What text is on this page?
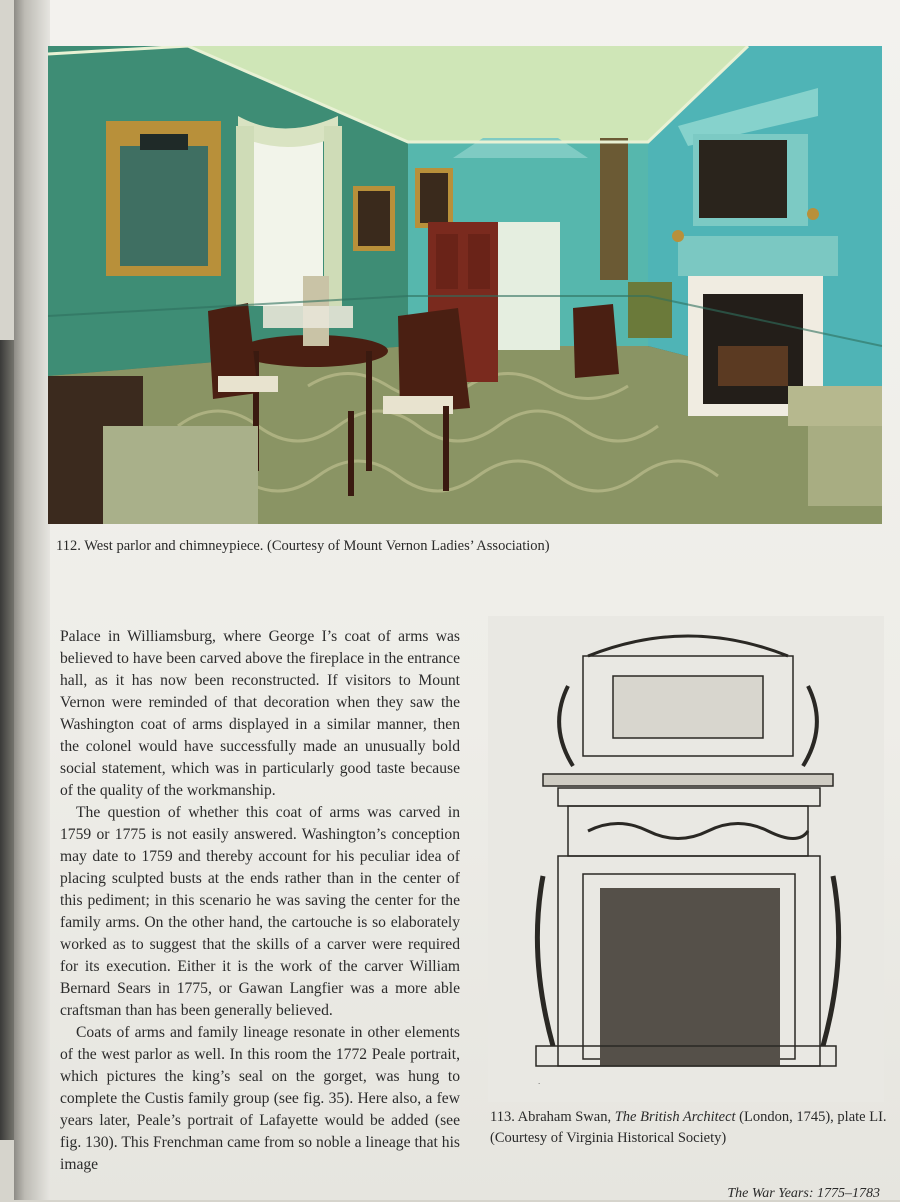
112. West parlor and chimneypiece. (Courtesy of Mount Vernon Ladies’ Association)

Palace in Williamsburg, where George I’s coat of arms was believed to have been carved above the fireplace in the entrance hall, as it has now been reconstructed. If visitors to Mount Vernon were reminded of that decoration when they saw the Washington coat of arms displayed in a similar manner, then the colonel would have successfully made an unusually bold social statement, which was in particularly good taste because of the quality of the workmanship.

The question of whether this coat of arms was carved in 1759 or 1775 is not easily answered. Washington’s conception may date to 1759 and thereby account for his peculiar idea of placing sculpted busts at the ends rather than in the center of this pediment; in this scenario he was saving the center for the family arms. On the other hand, the cartouche is so elaborately worked as to suggest that the skills of a carver were required for its execution. Either it is the work of the carver William Bernard Sears in 1775, or Gawan Langfier was a more able craftsman than has been generally believed.

Coats of arms and family lineage resonate in other elements of the west parlor as well. In this room the 1772 Peale portrait, which pictures the king’s seal on the gorget, was hung to complete the Custis family group (see fig. 35). Here also, a few years later, Peale’s portrait of Lafayette would be added (see fig. 130). This Frenchman came from so noble a lineage that his image

.
113. Abraham Swan, The British Architect (London, 1745), plate LI. (Courtesy of Virginia Historical Society)
The War Years: 1775–1783
